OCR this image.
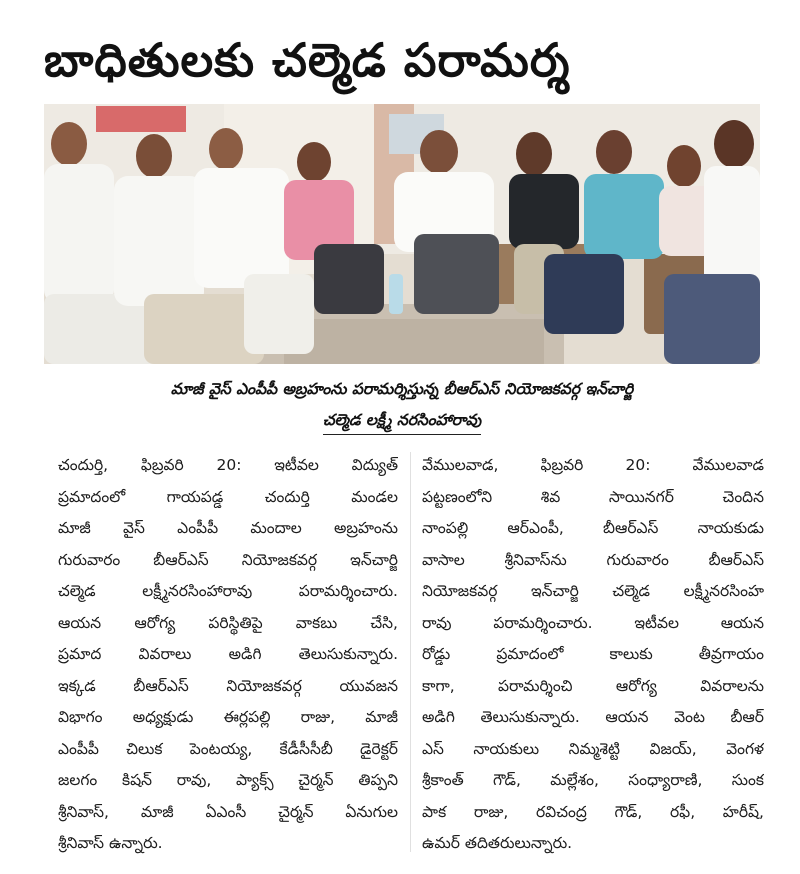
బాధితులకు చల్మెడ పరామర్శ
మాజీ వైస్ ఎంపీపీ అబ్రహంను పరామర్శిస్తున్న బీఆర్ఎస్ నియోజకవర్గ ఇన్‌చార్జి
చల్మెడ లక్ష్మీ నరసింహారావు
చందుర్తి, ఫిబ్రవరి 20: ఇటీవల విద్యుత్
ప్రమాదంలో గాయపడ్డ చందుర్తి మండల
మాజీ వైస్ ఎంపీపీ మందాల అబ్రహంను
గురువారం బీఆర్ఎస్ నియోజకవర్గ ఇన్‌చార్జి
చల్మెడ లక్ష్మీనరసింహారావు పరామర్శించారు.
ఆయన ఆరోగ్య పరిస్థితిపై వాకబు చేసి,
ప్రమాద వివరాలు అడిగి తెలుసుకున్నారు.
ఇక్కడ బీఆర్ఎస్ నియోజకవర్గ యువజన
విభాగం అధ్యక్షుడు ఈర్లపల్లి రాజు, మాజీ
ఎంపీపీ చిలుక పెంటయ్య, కేడీసీసీబీ డైరెక్టర్
జలగం కిషన్ రావు, ప్యాక్స్ చైర్మన్ తిప్పని
శ్రీనివాస్, మాజీ ఏఎంసీ చైర్మన్ ఏనుగుల
శ్రీనివాస్ ఉన్నారు.
వేములవాడ, ఫిబ్రవరి 20: వేములవాడ
పట్టణంలోని శివ సాయినగర్ చెందిన
నాంపల్లి ఆర్ఎంపీ, బీఆర్ఎస్ నాయకుడు
వాసాల శ్రీనివాస్‌ను గురువారం బీఆర్ఎస్
నియోజకవర్గ ఇన్‌చార్జి చల్మెడ లక్ష్మీనరసింహ
రావు పరామర్శించారు. ఇటీవల ఆయన
రోడ్డు ప్రమాదంలో కాలుకు తీవ్రగాయం
కాగా, పరామర్శించి ఆరోగ్య వివరాలను
అడిగి తెలుసుకున్నారు. ఆయన వెంట బీఆర్
ఎస్ నాయకులు నిమ్మశెట్టి విజయ్, వెంగళ
శ్రీకాంత్ గౌడ్, మల్లేశం, సంధ్యారాణి, సుంక
పాక రాజు, రవిచంద్ర గౌడ్, రఫీ, హరీష్,
ఉమర్ తదితరులున్నారు.
